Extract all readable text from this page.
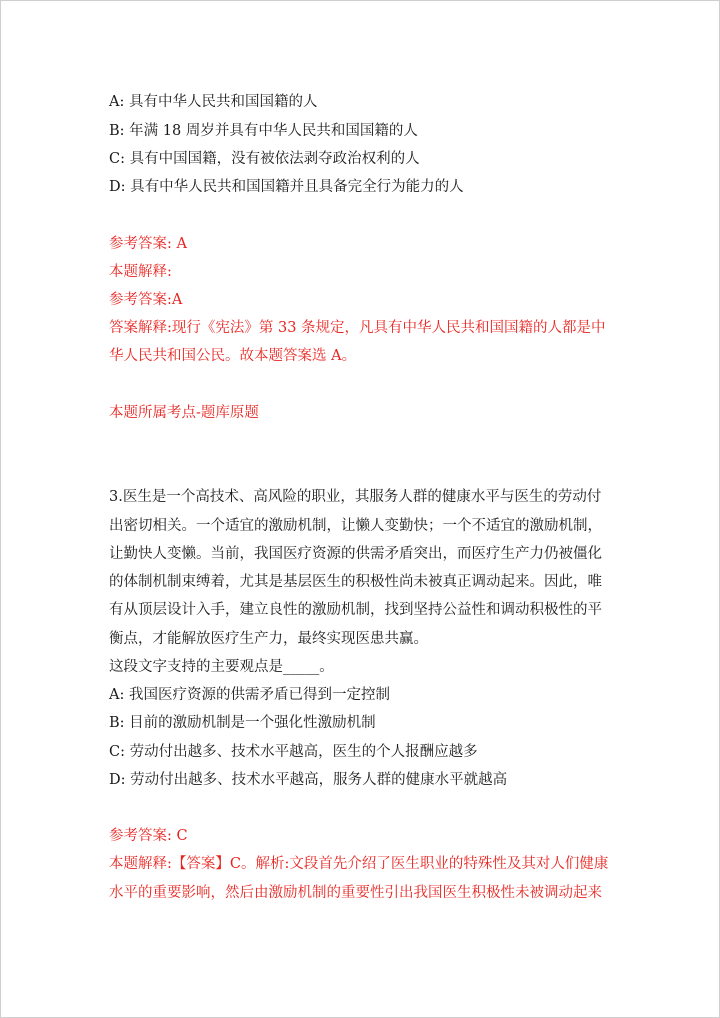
A: 具有中华人民共和国国籍的人
B: 年满 18 周岁并具有中华人民共和国国籍的人
C: 具有中国国籍，没有被依法剥夺政治权利的人
D: 具有中华人民共和国国籍并且具备完全行为能力的人
参考答案: A
本题解释:
参考答案:A
答案解释:现行《宪法》第 33 条规定，凡具有中华人民共和国国籍的人都是中
华人民共和国公民。故本题答案选 A。
本题所属考点-题库原题
3.医生是一个高技术、高风险的职业，其服务人群的健康水平与医生的劳动付
出密切相关。一个适宜的激励机制，让懒人变勤快；一个不适宜的激励机制，
让勤快人变懒。当前，我国医疗资源的供需矛盾突出，而医疗生产力仍被僵化
的体制机制束缚着，尤其是基层医生的积极性尚未被真正调动起来。因此，唯
有从顶层设计入手，建立良性的激励机制，找到坚持公益性和调动积极性的平
衡点，才能解放医疗生产力，最终实现医患共赢。
这段文字支持的主要观点是_____。
A: 我国医疗资源的供需矛盾已得到一定控制
B: 目前的激励机制是一个强化性激励机制
C: 劳动付出越多、技术水平越高，医生的个人报酬应越多
D: 劳动付出越多、技术水平越高，服务人群的健康水平就越高
参考答案: C
本题解释:【答案】C。解析:文段首先介绍了医生职业的特殊性及其对人们健康
水平的重要影响，然后由激励机制的重要性引出我国医生积极性未被调动起来
